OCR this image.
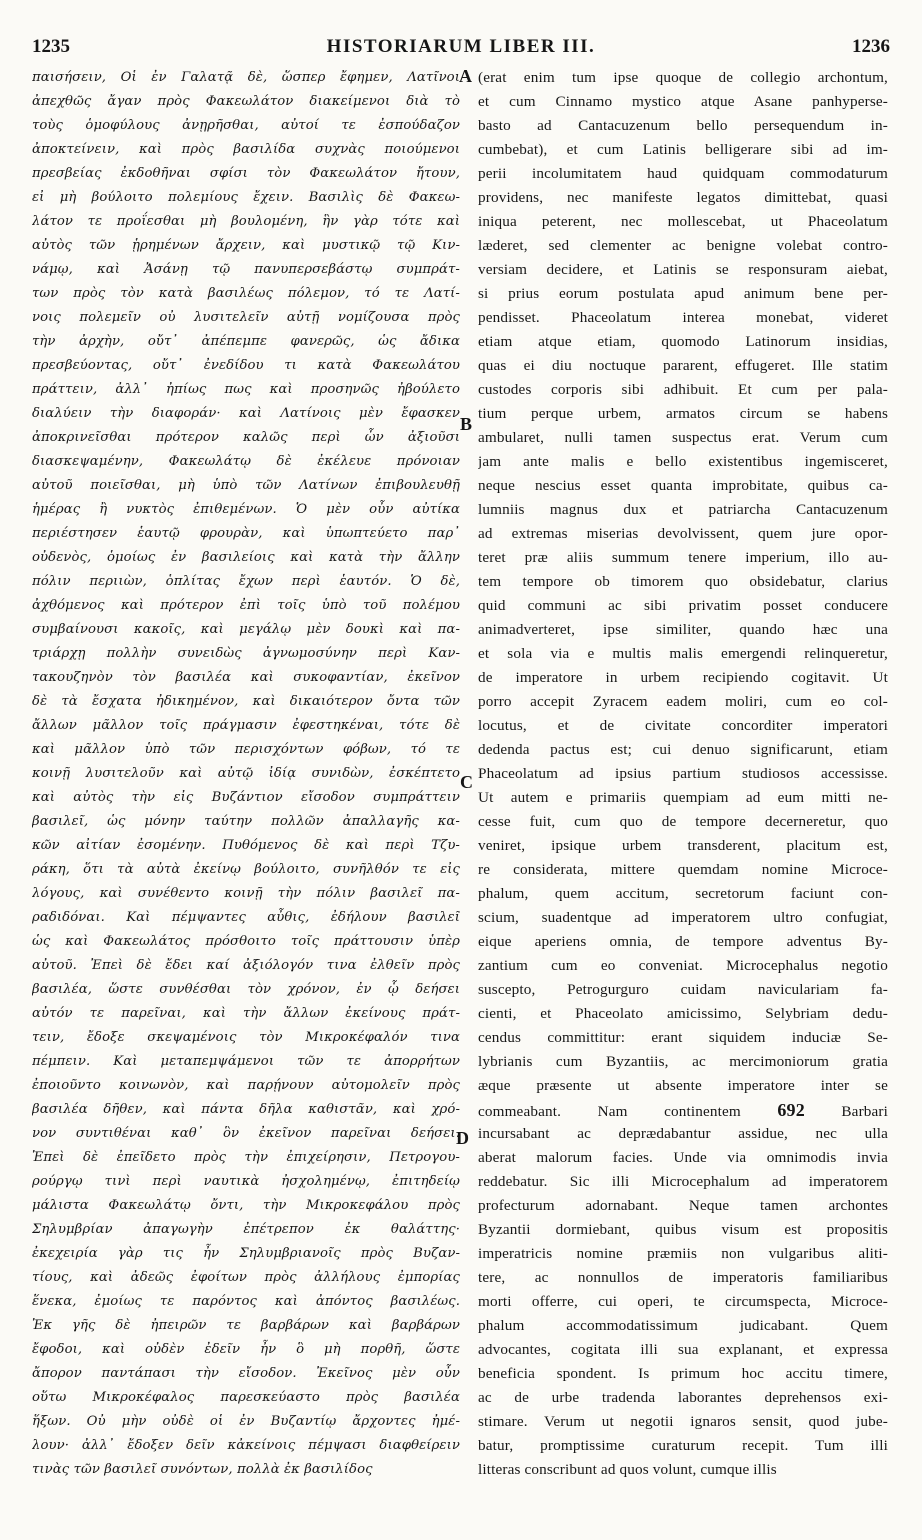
1235	HISTORIARUM LIBER III.	1236
παισήσειν, Οἱ ἐν Γαλατᾷ δὲ, ὥσπερ ἔφημεν, Λατῖνοι
ἀπεχθῶς ἄγαν πρὸς Φακεωλάτον διακείμενοι διὰ τὸ
τοὺς ὁμοφύλους ἀνῃρῆσθαι, αὐτοί τε ἐσπούδαζον
ἀποκτείνειν, καὶ πρὸς βασιλίδα συχνὰς ποιούμενοι
πρεσβείας ἐκδοθῆναι σφίσι τὸν Φακεωλάτον ἤτουν,
εἰ μὴ βούλοιτο πολεμίους ἔχειν. Βασιλὶς δὲ Φακεω-
λάτον τε προΐεσθαι μὴ βουλομένη, ἣν γὰρ τότε καὶ
αὐτὸς τῶν ᾑρημένων ἄρχειν, καὶ μυστικῷ τῷ Κιν-
νάμῳ, καὶ Ἀσάνῃ τῷ πανυπερσεβάστῳ συμπράτ-
των πρὸς τὸν κατὰ βασιλέως πόλεμον, τό τε Λατί-
νοις πολεμεῖν οὐ λυσιτελεῖν αὐτῇ νομίζουσα πρὸς
τὴν ἀρχὴν, οὔτ᾽ ἀπέπεμπε φανερῶς, ὡς ἄδικα
πρεσβεύοντας, οὔτ᾽ ἐνεδίδου τι κατὰ Φακεωλάτου
πράττειν, ἀλλ᾽ ἠπίως πως καὶ προσηνῶς ἠβούλετο
διαλύειν τὴν διαφοράν· καὶ Λατίνοις μὲν ἔφασκεν
ἀποκρινεῖσθαι πρότερον καλῶς περὶ ὧν ἀξιοῦσι
διασκεψαμένην, Φακεωλάτῳ δὲ ἐκέλευε πρόνοιαν
αὐτοῦ ποιεῖσθαι, μὴ ὑπὸ τῶν Λατίνων ἐπιβουλευθῇ
ἡμέρας ἢ νυκτὸς ἐπιθεμένων. Ὁ μὲν οὖν αὐτίκα
περιέστησεν ἑαυτῷ φρουρὰν, καὶ ὑπωπτεύετο παρ᾽
οὐδενὸς, ὁμοίως ἐν βασιλείοις καὶ κατὰ τὴν ἄλλην
πόλιν περιιὼν, ὁπλίτας ἔχων περὶ ἑαυτόν. Ὁ δὲ,
ἀχθόμενος καὶ πρότερον ἐπὶ τοῖς ὑπὸ τοῦ πολέμου
συμβαίνουσι κακοῖς, καὶ μεγάλῳ μὲν δουκὶ καὶ πα-
τριάρχῃ πολλὴν συνειδὼς ἀγνωμοσύνην περὶ Καν-
τακουζηνὸν τὸν βασιλέα καὶ συκοφαντίαν, ἐκεῖνον
δὲ τὰ ἔσχατα ἠδικημένον, καὶ δικαιότερον ὄντα τῶν
ἄλλων μᾶλλον τοῖς πράγμασιν ἐφεστηκέναι, τότε δὲ
καὶ μᾶλλον ὑπὸ τῶν περισχόντων φόβων, τό τε
κοινῇ λυσιτελοῦν καὶ αὐτῷ ἰδίᾳ συνιδὼν, ἐσκέπτετο
καὶ αὐτὸς τὴν εἰς Βυζάντιον εἴσοδον συμπράττειν
βασιλεῖ, ὡς μόνην ταύτην πολλῶν ἀπαλλαγῆς κα-
κῶν αἰτίαν ἐσομένην. Πυθόμενος δὲ καὶ περὶ Τζυ-
ράκη, ὅτι τὰ αὐτὰ ἐκείνῳ βούλοιτο, συνῆλθόν τε εἰς
λόγους, καὶ συνέθεντο κοινῇ τὴν πόλιν βασιλεῖ πα-
ραδιδόναι. Καὶ πέμψαντες αὖθις, ἐδήλουν βασιλεῖ
ὡς καὶ Φακεωλάτος πρόσθοιτο τοῖς πράττουσιν ὑπὲρ
αὐτοῦ. Ἐπεὶ δὲ ἔδει καί ἀξιόλογόν τινα ἐλθεῖν πρὸς
βασιλέα, ὥστε συνθέσθαι τὸν χρόνον, ἐν ᾧ δεήσει
αὐτόν τε παρεῖναι, καὶ τὴν ἄλλων ἐκείνους πράτ-
τειν, ἔδοξε σκεψαμένοις τὸν Μικροκέφαλόν τινα
πέμπειν. Καὶ μεταπεμψάμενοι τῶν τε ἀπορρήτων
ἐποιοῦντο κοινωνὸν, καὶ παρῄνουν αὐτομολεῖν πρὸς
βασιλέα δῆθεν, καὶ πάντα δῆλα καθιστᾶν, καὶ χρό-
νον συντιθέναι καθ᾽ ὃν ἐκεῖνον παρεῖναι δεήσει.
Ἐπεὶ δὲ ἐπεῖδετο πρὸς τὴν ἐπιχείρησιν, Πετρογου-
ρούργῳ τινὶ περὶ ναυτικὰ ἠσχολημένῳ, ἐπιτηδείῳ
μάλιστα Φακεωλάτῳ ὄντι, τὴν Μικροκεφάλου πρὸς
Σηλυμβρίαν ἀπαγωγὴν ἐπέτρεπον ἐκ θαλάττης·
ἐκεχειρία γὰρ τις ἦν Σηλυμβριανοῖς πρὸς Βυζαν-
τίους, καὶ ἀδεῶς ἐφοίτων πρὸς ἀλλήλους ἐμπορίας
ἕνεκα, ἐμοίως τε παρόντος καὶ ἀπόντος βασιλέως.
Ἐκ γῆς δὲ ἠπειρῶν τε βαρβάρων καὶ βαρβάρων
ἔφοδοι, καὶ οὐδὲν ἐδεῖν ἦν ὃ μὴ πορθῆ, ὥστε
ἄπορον παντάπασι τὴν εἴσοδον. Ἐκεῖνος μὲν οὖν
οὕτω Μικροκέφαλος παρεσκεύαστο πρὸς βασιλέα
ἥξων. Οὐ μὴν οὐδὲ οἱ ἐν Βυζαντίῳ ἄρχοντες ἠμέ-
λουν· ἀλλ᾽ ἔδοξεν δεῖν κἀκείνοις πέμψασι διαφθείρειν
τινὰς τῶν βασιλεῖ συνόντων, πολλὰ ἐκ βασιλίδος
(erat enim tum ipse quoque de collegio archontum,
et cum Cinnamo mystico atque Asane panhyperse-
basto ad Cantacuzenum bello persequendum in-
cumbebat), et cum Latinis belligerare sibi ad im-
perii incolumitatem haud quidquam commodaturum
providens, nec manifeste legatos dimittebat, quasi
iniqua peterent, nec mollescebat, ut Phaceolatum
læderet, sed clementer ac benigne volebat contro-
versiam decidere, et Latinis se responsuram aiebat,
si prius eorum postulata apud animum bene per-
pendisset. Phaceolatum interea monebat, videret
etiam atque etiam, quomodo Latinorum insidias,
quas ei diu noctuque pararent, effugeret. Ille statim
custodes corporis sibi adhibuit. Et cum per pala-
tium perque urbem, armatos circum se habens
ambularet, nulli tamen suspectus erat. Verum cum
jam ante malis e bello existentibus ingemisceret,
neque nescius esset quanta improbitate, quibus ca-
lumniis magnus dux et patriarcha Cantacuzenum
ad extremas miserias devolvissent, quem jure opor-
teret præ aliis summum tenere imperium, illo au-
tem tempore ob timorem quo obsidebatur, clarius
quid communi ac sibi privatim posset conducere
animadverteret, ipse similiter, quando hæc una
et sola via e multis malis emergendi relinqueretur,
de imperatore in urbem recipiendo cogitavit. Ut
porro accepit Zyracem eadem moliri, cum eo col-
locutus, et de civitate concorditer imperatori
dedenda pactus est; cui denuo significarunt, etiam
Phaceolatum ad ipsius partium studiosos accessisse.
Ut autem e primariis quempiam ad eum mitti ne-
cesse fuit, cum quo de tempore decerneretur, quo
veniret, ipsique urbem transderent, placitum est,
re considerata, mittere quemdam nomine Microce-
phalum, quem accitum, secretorum faciunt con-
scium, suadentque ad imperatorem ultro confugiat,
eique aperiens omnia, de tempore adventus By-
zantium cum eo conveniat. Microcephalus negotio
suscepto, Petrogurguro cuidam naviculariam fa-
cienti, et Phaceolato amicissimo, Selybriam dedu-
cendus committitur: erant siquidem induciæ Se-
lybrianis cum Byzantiis, ac mercimoniorum gratia
æque præsente ut absente imperatore inter se
commeabant. Nam continentem 692 Barbari
incursabant ac deprædabantur assidue, nec ulla
aberat malorum facies. Unde via omnimodis invia
reddebatur. Sic illi Microcephalum ad imperatorem
profecturum adornabant. Neque tamen archontes
Byzantii dormiebant, quibus visum est propositis
imperatricis nomine præmiis non vulgaribus aliti-
tere, ac nonnullos de imperatoris familiaribus
morti offerre, cui operi, te circumspecta, Microce-
phalum accommodatissimum judicabant. Quem
advocantes, cogitata illi sua explanant, et expressa
beneficia spondent. Is primum hoc accitu timere,
ac de urbe tradenda laborantes deprehensos exi-
stimare. Verum ut negotii ignaros sensit, quod jube-
batur, promptissime curaturum recepit. Tum illi
litteras conscribunt ad quos volunt, cumque illis
A
B
C
D
